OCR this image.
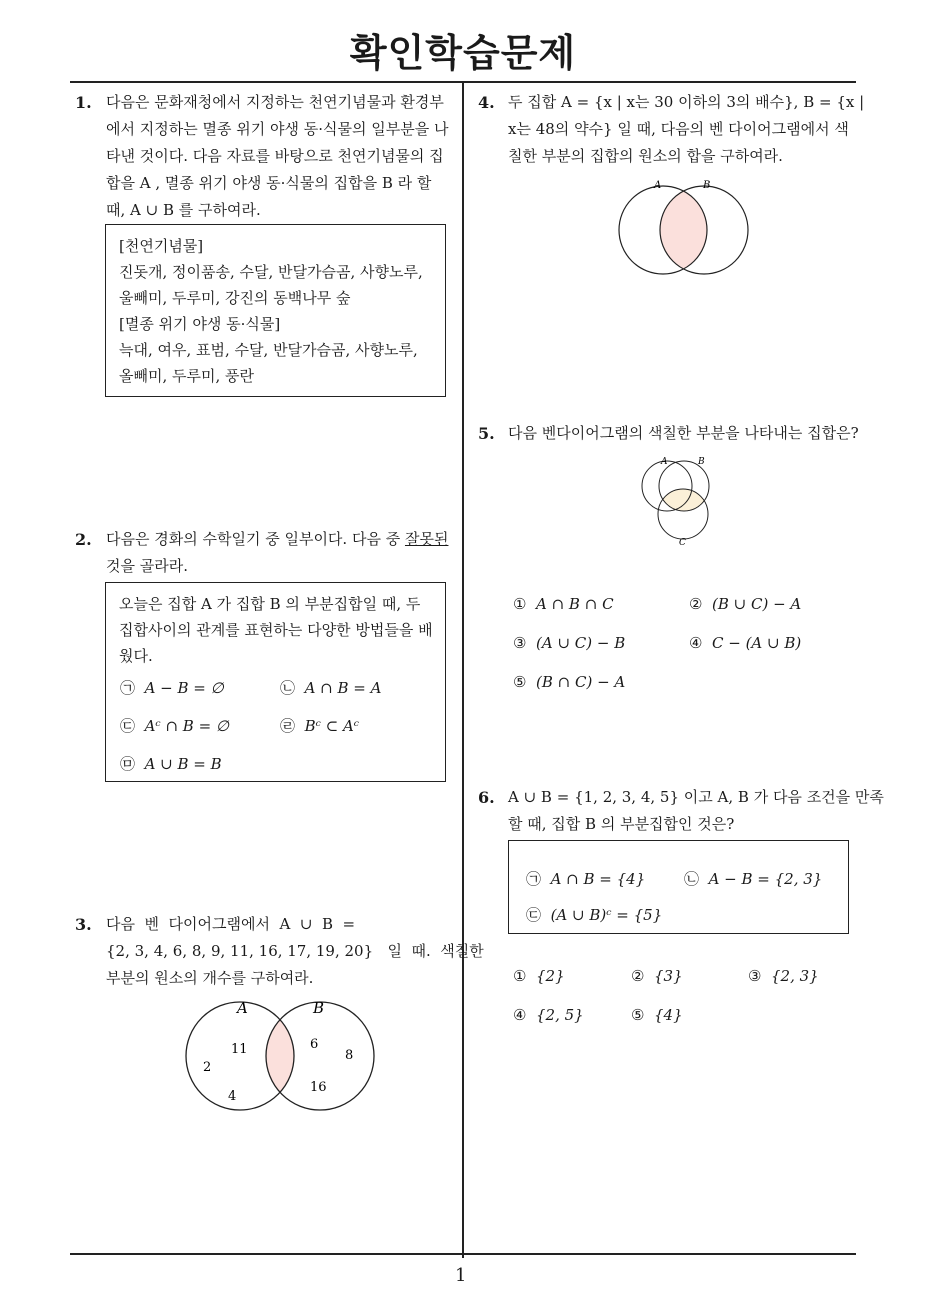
확인학습문제
1
1. 다음은 문화재청에서 지정하는 천연기념물과 환경부
에서 지정하는 멸종 위기 야생 동·식물의 일부분을 나
타낸 것이다. 다음 자료를 바탕으로 천연기념물의 집
합을 A , 멸종 위기 야생 동·식물의 집합을 B 라 할
때, A ∪ B 를 구하여라.
[천연기념물]
진돗개, 정이품송, 수달, 반달가슴곰, 사향노루,
울빼미, 두루미, 강진의 동백나무 숲
[멸종 위기 야생 동·식물]
늑대, 여우, 표범, 수달, 반달가슴곰, 사향노루,
올빼미, 두루미, 풍란
2. 다음은 경화의 수학일기 중 일부이다. 다음 중 잘못된
것을 골라라.
오늘은 집합 A 가 집합 B 의 부분집합일 때, 두
집합사이의 관계를 표현하는 다양한 방법들을 배
웠다.
㉠ A − B = ∅	㉡ A ∩ B = A
㉢ Aᶜ ∩ B = ∅	㉣ Bᶜ ⊂ Aᶜ
㉤ A ∪ B = B
3. 다음  벤  다이어그램에서  A  ∪  B  =
{2, 3, 4, 6, 8, 9, 11, 16, 17, 19, 20} 일  때.  색칠한
부분의 원소의 개수를 구하여라.
A	B
11
2
4
6
8
16
4. 두 집합 A = {x | x는 30 이하의 3의 배수}, B = {x |
x는 48의 약수} 일 때, 다음의 벤 다이어그램에서 색
칠한 부분의 집합의 원소의 합을 구하여라.
A	B
5. 다음 벤다이어그램의 색칠한 부분을 나타내는 집합은?
A	B
C
① A ∩ B ∩ C	② (B ∪ C) − A
③ (A ∪ C) − B	④ C − (A ∪ B)
⑤ (B ∩ C) − A
6. A ∪ B = {1, 2, 3, 4, 5} 이고 A, B 가 다음 조건을 만족
할 때, 집합 B 의 부분집합인 것은?
㉠ A ∩ B = {4}	㉡ A − B = {2, 3}
㉢ (A ∪ B)ᶜ = {5}
① {2}	② {3}	③ {2, 3}
④ {2, 5}	⑤ {4}
